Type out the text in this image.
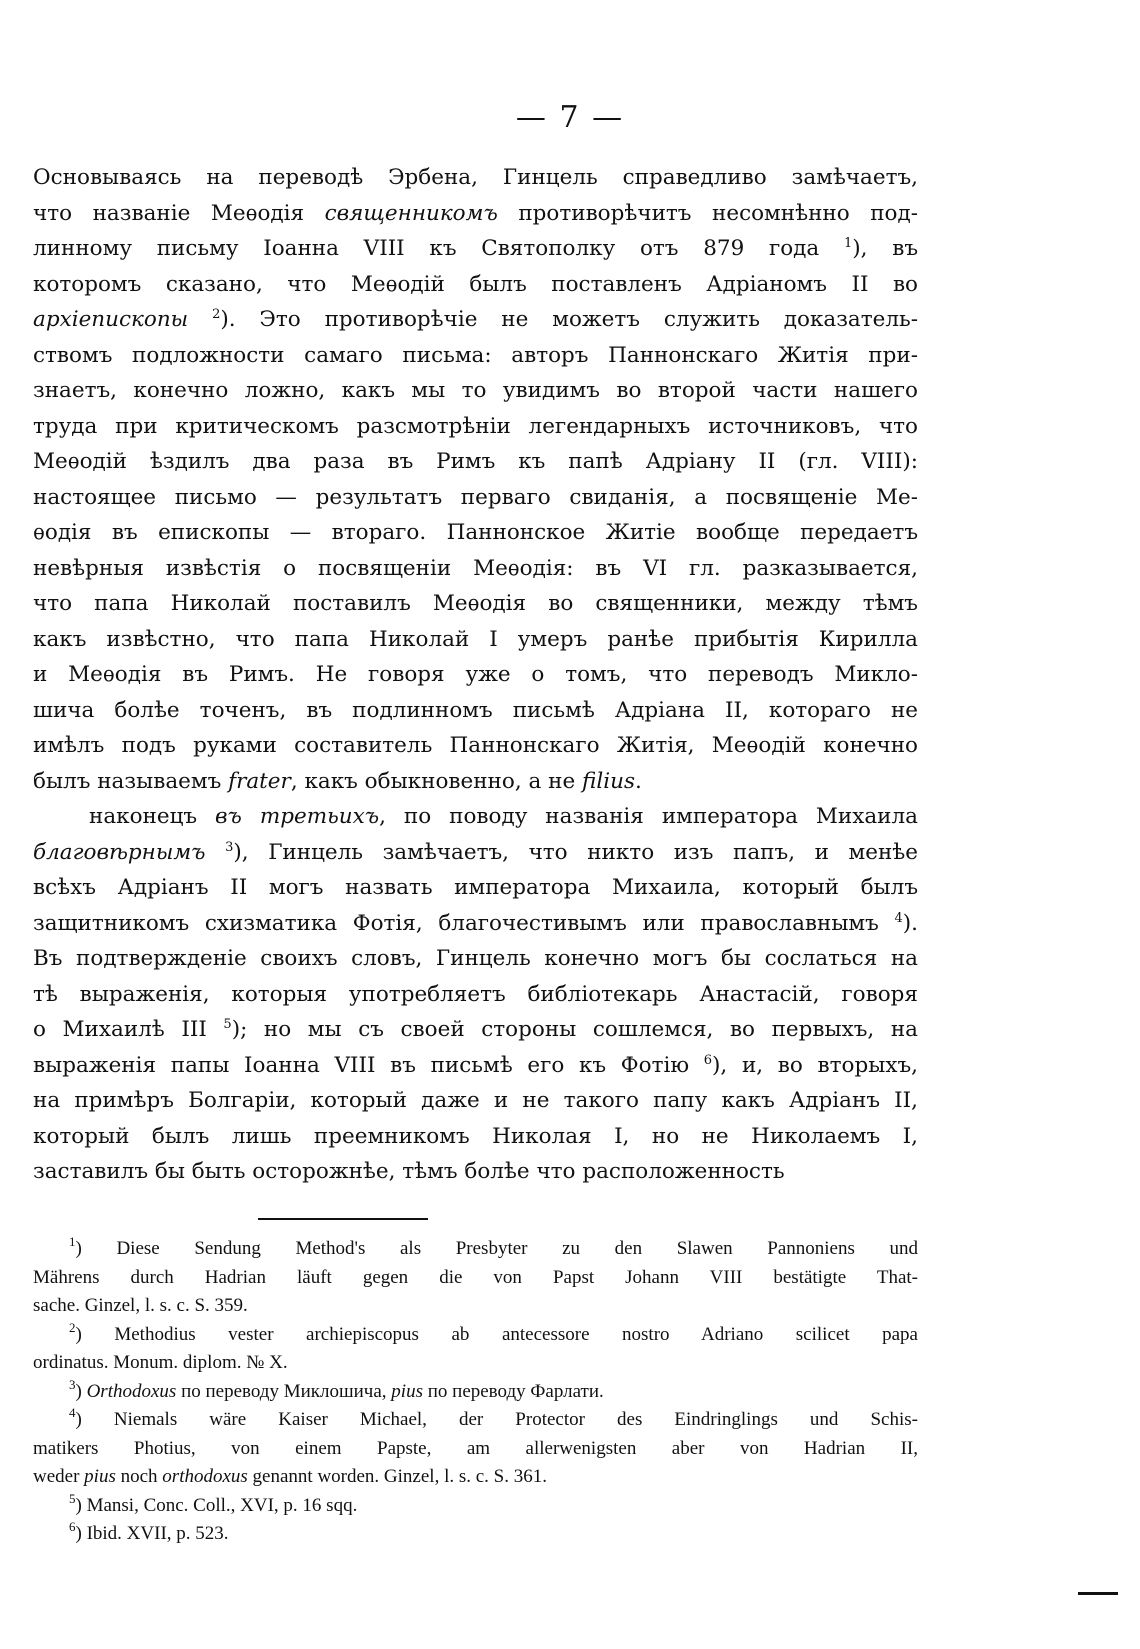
— 7 —
Основываясь на переводѣ Эрбена, Гинцель справедливо замѣчаетъ,
что названіе Меѳодія священникомъ противорѣчитъ несомнѣнно под-
линному письму Іоанна VIII къ Святополку отъ 879 года $^1$), въ
которомъ сказано, что Меѳодій былъ поставленъ Адріаномъ II во
архіепископы $^2$). Это противорѣчіе не можетъ служить доказатель-
ствомъ подложности самаго письма: авторъ Паннонскаго Житія при-
знаетъ, конечно ложно, какъ мы то увидимъ во второй части нашего
труда при критическомъ разсмотрѣніи легендарныхъ источниковъ, что
Меѳодій ѣздилъ два раза въ Римъ къ папѣ Адріану II (гл. VIII):
настоящее письмо — результатъ перваго свиданія, а посвященіе Ме-
ѳодія въ епископы — втораго. Паннонское Житіе вообще передаетъ
невѣрныя извѣстія о посвященіи Меѳодія: въ VI гл. разказывается,
что папа Николай поставилъ Меѳодія во священники, между тѣмъ
какъ извѣстно, что папа Николай I умеръ ранѣе прибытія Кирилла
и Меѳодія въ Римъ. Не говоря уже о томъ, что переводъ Миклo-
шича болѣе точенъ, въ подлинномъ письмѣ Адріана II, котораго не
имѣлъ подъ руками составитель Паннонскаго Житія, Меѳодій конечно
былъ называемъ frater, какъ обыкновенно, а не filius.
наконецъ въ третьихъ, по поводу названія императора Михаила
благовѣрнымъ $^3$), Гинцель замѣчаетъ, что никто изъ папъ, и менѣе
всѣхъ Адріанъ II могъ назвать императора Михаила, который былъ
защитникомъ схизматика Фотія, благочестивымъ или православнымъ $^4$).
Въ подтвержденіе своихъ словъ, Гинцель конечно могъ бы сослаться на
тѣ выраженія, которыя употребляетъ библіотекарь Анастасій, говоря
о Михаилѣ III $^5$); но мы съ своей стороны сошлемся, во первыхъ, на
выраженія папы Іоанна VIII въ письмѣ его къ Фотію $^6$), и, во вторыхъ,
на примѣръ Болгаріи, который даже и не такого папу какъ Адріанъ II,
который былъ лишь преемникомъ Николая I, но не Николаемъ I,
заставилъ бы быть осторожнѣе, тѣмъ болѣе что расположенность
$^1$) Diese Sendung Method's als Presbyter zu den Slawen Pannoniens und
Mährens durch Hadrian läuft gegen die von Papst Johann VIII bestätigte That-
sache. Ginzel, l. s. c. S. 359.
$^2$) Methodius vester archiepiscopus ab antecessore nostro Adriano scilicet papa
ordinatus. Monum. diplom. № X.
$^3$) Orthodoxus по переводу Миклошича, pius по переводу Фарлати.
$^4$) Niemals wäre Kaiser Michael, der Protector des Eindringlings und Schis-
matikers Photius, von einem Papste, am allerwenigsten aber von Hadrian II,
weder pius noch orthodoxus genannt worden. Ginzel, l. s. c. S. 361.
$^5$) Mansi, Conc. Coll., XVI, p. 16 sqq.
$^6$) Ibid. XVII, p. 523.
